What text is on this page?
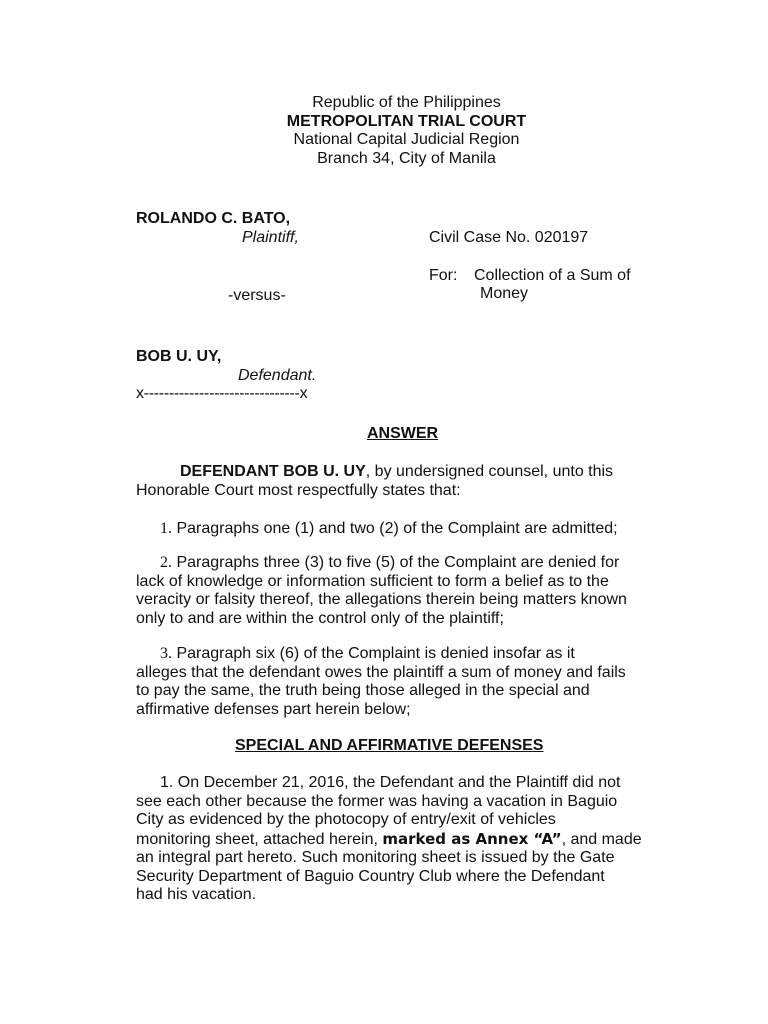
Republic of the Philippines
METROPOLITAN TRIAL COURT
National Capital Judicial Region
Branch 34, City of Manila
ROLANDO C. BATO,
Plaintiff,	Civil Case No. 020197
For: Collection of a Sum of
Money
-versus-
BOB U. UY,
Defendant.
x-------------------------------x
ANSWER
DEFENDANT BOB U. UY, by undersigned counsel, unto this
Honorable Court most respectfully states that:
1. Paragraphs one (1) and two (2) of the Complaint are admitted;
2. Paragraphs three (3) to five (5) of the Complaint are denied for
lack of knowledge or information sufficient to form a belief as to the
veracity or falsity thereof, the allegations therein being matters known
only to and are within the control only of the plaintiff;
3. Paragraph six (6) of the Complaint is denied insofar as it
alleges that the defendant owes the plaintiff a sum of money and fails
to pay the same, the truth being those alleged in the special and
affirmative defenses part herein below;
SPECIAL AND AFFIRMATIVE DEFENSES
1. On December 21, 2016, the Defendant and the Plaintiff did not
see each other because the former was having a vacation in Baguio
City as evidenced by the photocopy of entry/exit of vehicles
monitoring sheet, attached herein, marked as Annex “A”, and made
an integral part hereto. Such monitoring sheet is issued by the Gate
Security Department of Baguio Country Club where the Defendant
had his vacation.
